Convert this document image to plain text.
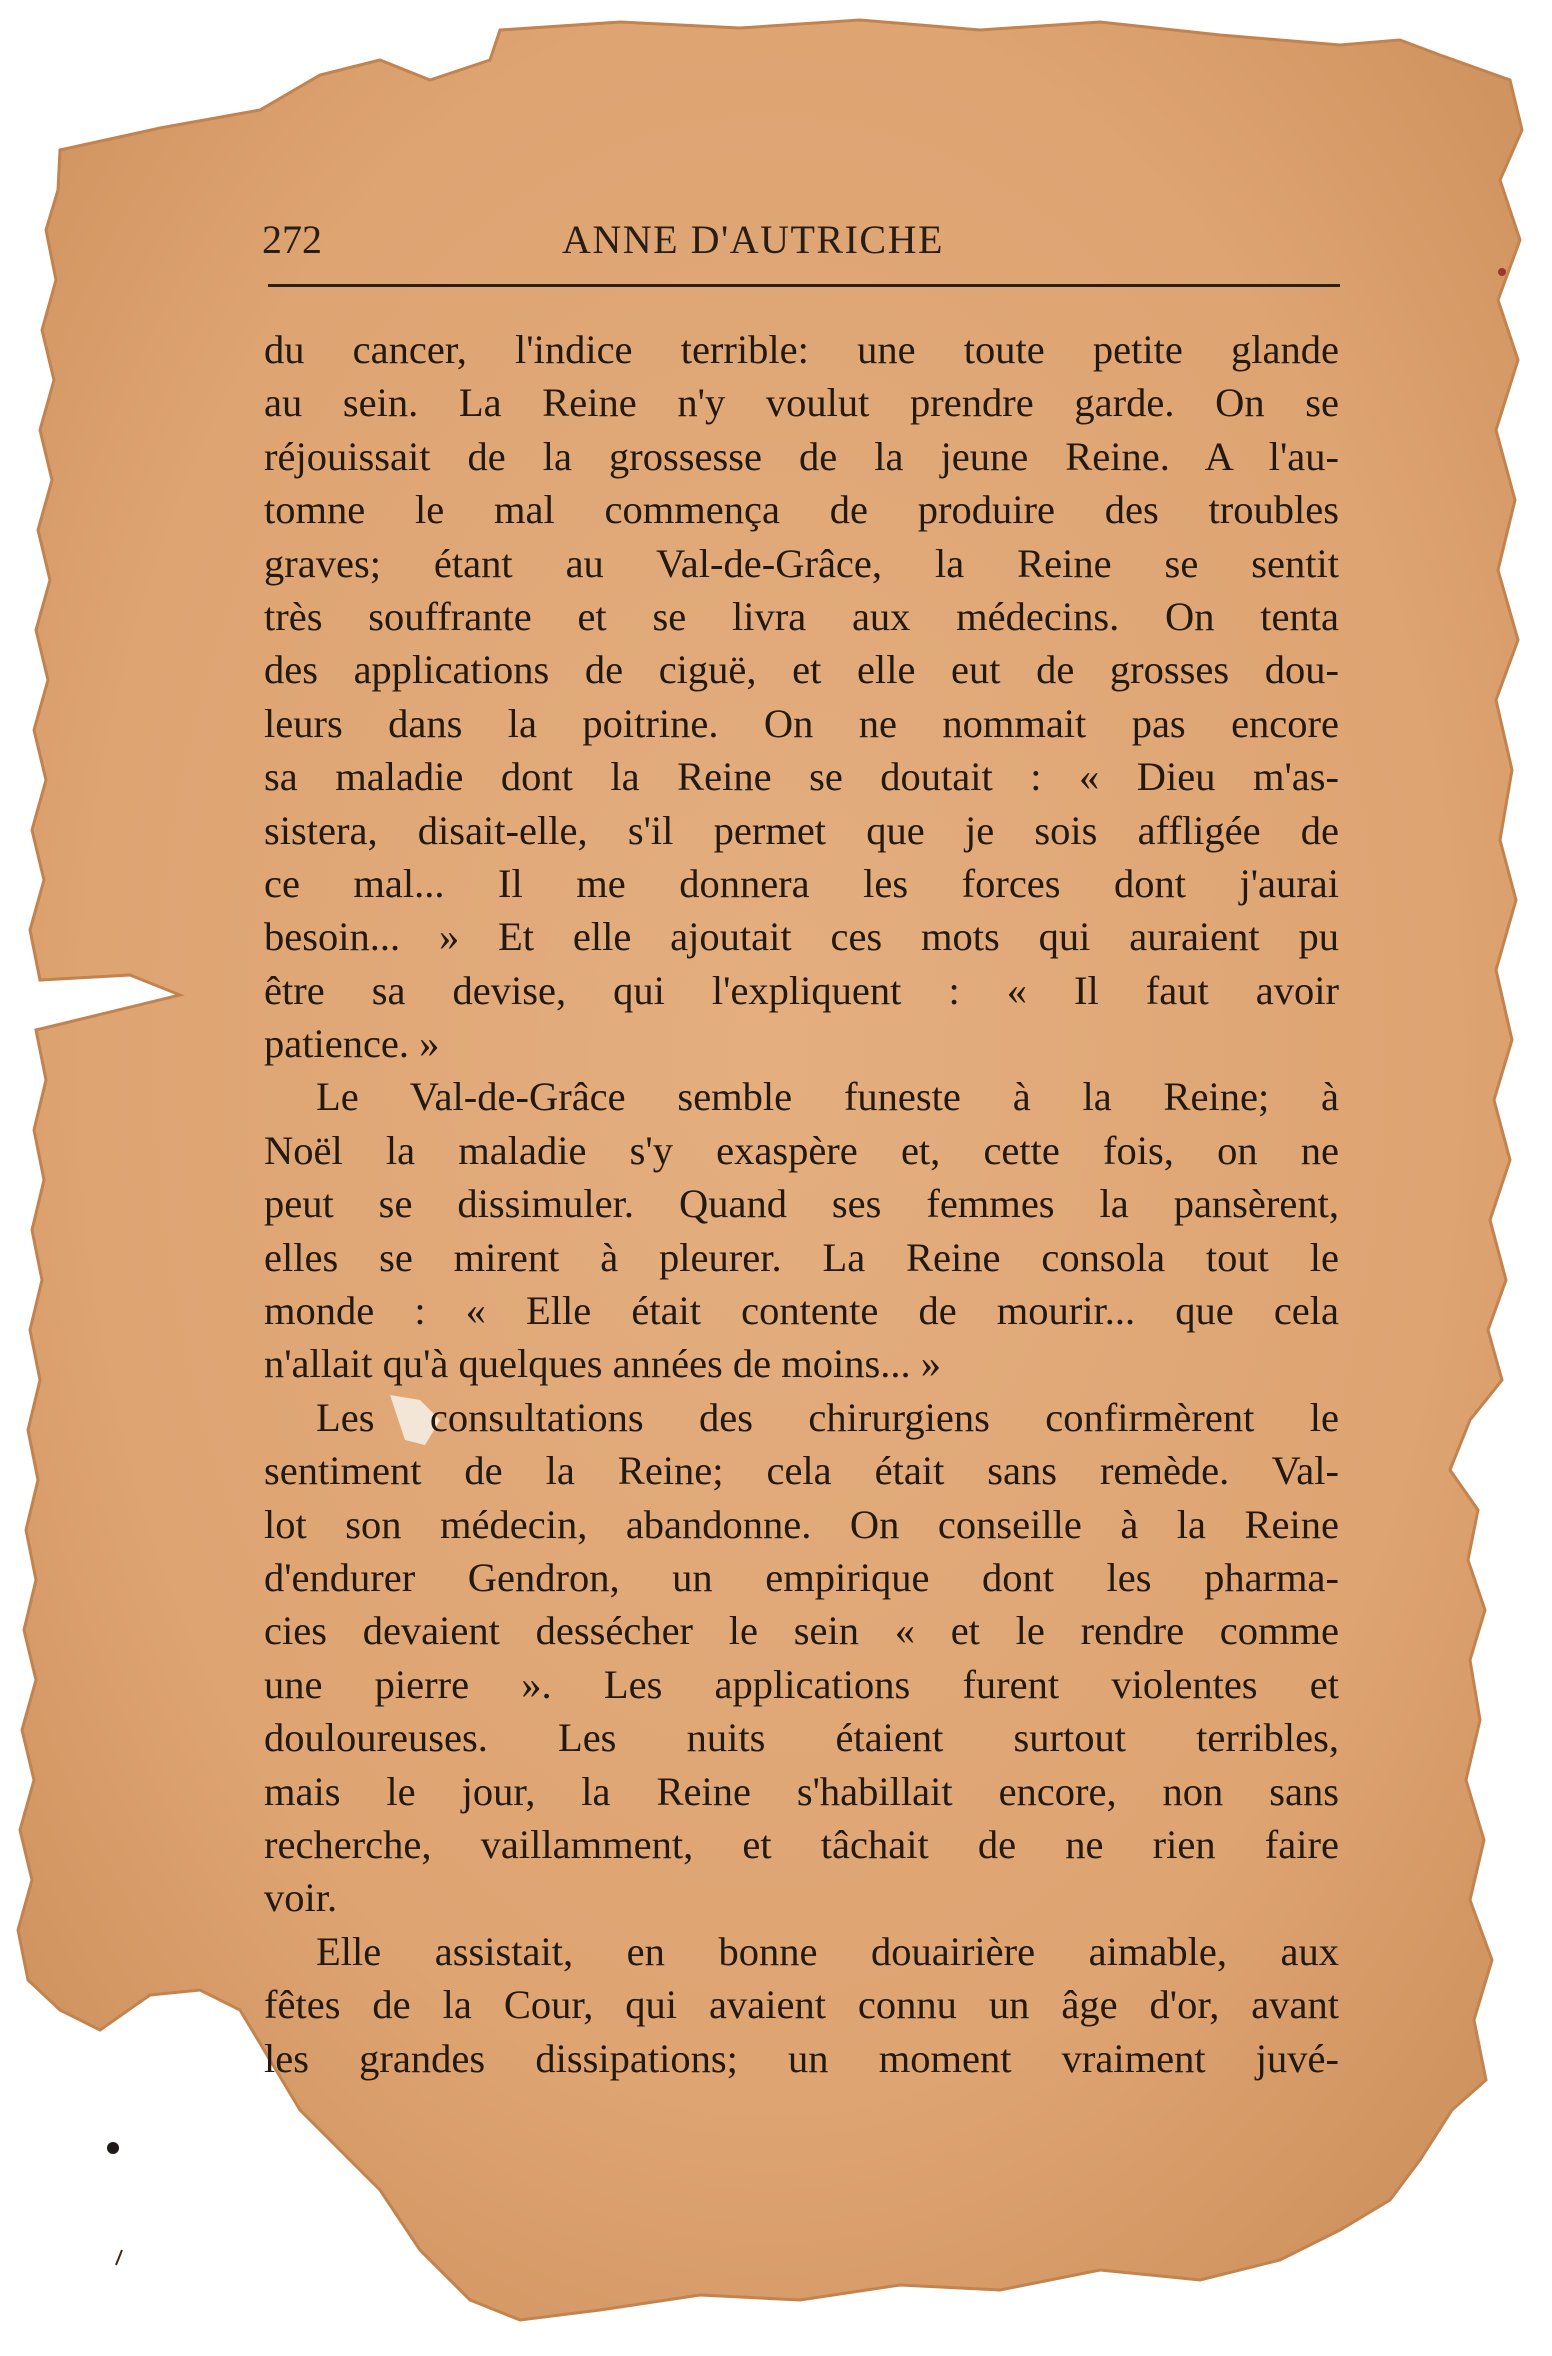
272	ANNE D'AUTRICHE
du cancer, l'indice terrible: une toute petite glande
au sein. La Reine n'y voulut prendre garde. On se
réjouissait de la grossesse de la jeune Reine. A l'au-
tomne le mal commença de produire des troubles
graves; étant au Val-de-Grâce, la Reine se sentit
très souffrante et se livra aux médecins. On tenta
des applications de ciguë, et elle eut de grosses dou-
leurs dans la poitrine. On ne nommait pas encore
sa maladie dont la Reine se doutait : « Dieu m'as-
sistera, disait-elle, s'il permet que je sois affligée de
ce mal... Il me donnera les forces dont j'aurai
besoin... » Et elle ajoutait ces mots qui auraient pu
être sa devise, qui l'expliquent : « Il faut avoir
patience. »
Le Val-de-Grâce semble funeste à la Reine; à
Noël la maladie s'y exaspère et, cette fois, on ne
peut se dissimuler. Quand ses femmes la pansèrent,
elles se mirent à pleurer. La Reine consola tout le
monde : « Elle était contente de mourir... que cela
n'allait qu'à quelques années de moins... »
Les consultations des chirurgiens confirmèrent le
sentiment de la Reine; cela était sans remède. Val-
lot son médecin, abandonne. On conseille à la Reine
d'endurer Gendron, un empirique dont les pharma-
cies devaient dessécher le sein « et le rendre comme
une pierre ». Les applications furent violentes et
douloureuses. Les nuits étaient surtout terribles,
mais le jour, la Reine s'habillait encore, non sans
recherche, vaillamment, et tâchait de ne rien faire
voir.
Elle assistait, en bonne douairière aimable, aux
fêtes de la Cour, qui avaient connu un âge d'or, avant
les grandes dissipations; un moment vraiment juvé-
